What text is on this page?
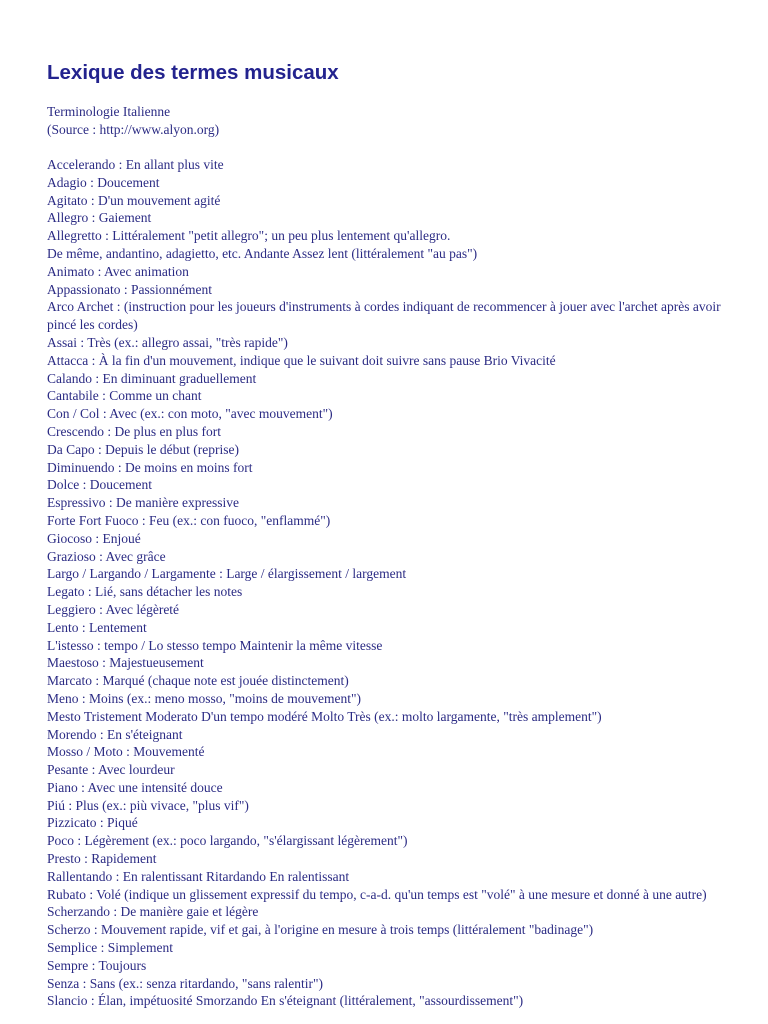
Lexique des termes musicaux
Terminologie Italienne
(Source : http://www.alyon.org)
Accelerando : En allant plus vite
Adagio : Doucement
Agitato : D'un mouvement agité
Allegro : Gaiement
Allegretto : Littéralement "petit allegro"; un peu plus lentement qu'allegro.
De même, andantino, adagietto, etc. Andante Assez lent (littéralement "au pas")
Animato : Avec animation
Appassionato : Passionnément
Arco Archet : (instruction pour les joueurs d'instruments à cordes indiquant de recommencer à jouer avec l'archet après avoir pincé les cordes)
Assai : Très (ex.: allegro assai, "très rapide")
Attacca : À la fin d'un mouvement, indique que le suivant doit suivre sans pause Brio Vivacité
Calando : En diminuant graduellement
Cantabile : Comme un chant
Con / Col : Avec (ex.: con moto, "avec mouvement")
Crescendo : De plus en plus fort
Da Capo : Depuis le début (reprise)
Diminuendo : De moins en moins fort
Dolce : Doucement
Espressivo : De manière expressive
Forte Fort Fuoco : Feu (ex.: con fuoco, "enflammé")
Giocoso : Enjoué
Grazioso : Avec grâce
Largo / Largando / Largamente : Large / élargissement / largement
Legato : Lié, sans détacher les notes
Leggiero : Avec légèreté
Lento : Lentement
L'istesso : tempo / Lo stesso tempo Maintenir la même vitesse
Maestoso : Majestueusement
Marcato : Marqué (chaque note est jouée distinctement)
Meno : Moins (ex.: meno mosso, "moins de mouvement")
Mesto Tristement Moderato D'un tempo modéré Molto Très (ex.: molto largamente, "très amplement")
Morendo : En s'éteignant
Mosso / Moto : Mouvementé
Pesante : Avec lourdeur
Piano : Avec une intensité douce
Piú : Plus (ex.: più vivace, "plus vif")
Pizzicato : Piqué
Poco : Légèrement (ex.: poco largando, "s'élargissant légèrement")
Presto : Rapidement
Rallentando : En ralentissant Ritardando En ralentissant
Rubato : Volé (indique un glissement expressif du tempo, c-a-d. qu'un temps est "volé" à une mesure et donné à une autre)
Scherzando : De manière gaie et légère
Scherzo : Mouvement rapide, vif et gai, à l'origine en mesure à trois temps (littéralement "badinage")
Semplice : Simplement
Sempre : Toujours
Senza : Sans (ex.: senza ritardando, "sans ralentir")
Slancio : Élan, impétuosité Smorzando En s'éteignant (littéralement, "assourdissement")
